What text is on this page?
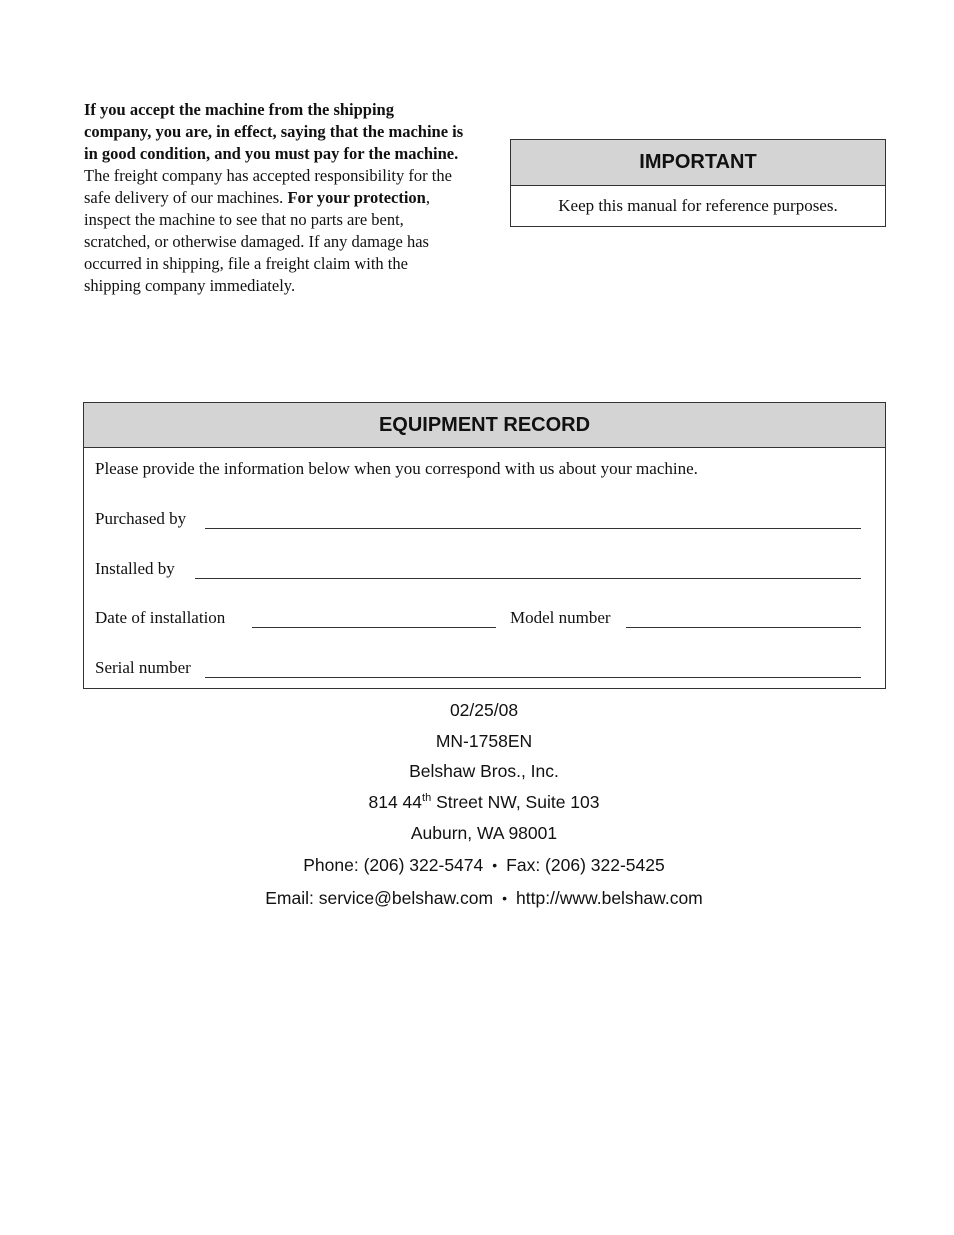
If you accept the machine from the shipping company, you are, in effect, saying that the machine is in good condition, and you must pay for the machine. The freight company has accepted responsibility for the safe delivery of our machines. For your protection, inspect the machine to see that no parts are bent, scratched, or otherwise damaged. If any damage has occurred in shipping, file a freight claim with the shipping company immediately.
IMPORTANT
Keep this manual for reference purposes.
EQUIPMENT RECORD
Please provide the information below when you correspond with us about your machine.
Purchased by
Installed by
Date of installation	Model number
Serial number
02/25/08
MN-1758EN
Belshaw Bros., Inc.
814 44th Street NW, Suite 103
Auburn, WA 98001
Phone: (206) 322-5474 • Fax: (206) 322-5425
Email: service@belshaw.com • http://www.belshaw.com
